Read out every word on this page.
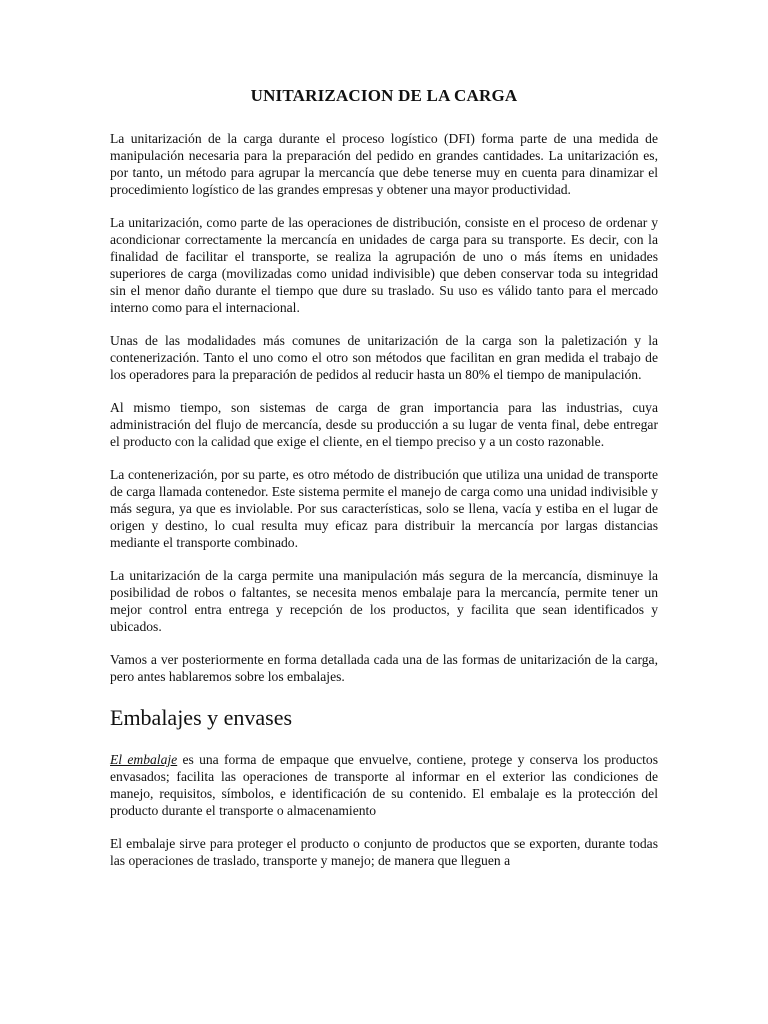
UNITARIZACION DE LA CARGA

La unitarización de la carga durante el proceso logístico (DFI) forma parte de una medida de manipulación necesaria para la preparación del pedido en grandes cantidades. La unitarización es, por tanto, un método para agrupar la mercancía que debe tenerse muy en cuenta para dinamizar el procedimiento logístico de las grandes empresas y obtener una mayor productividad.

La unitarización, como parte de las operaciones de distribución, consiste en el proceso de ordenar y acondicionar correctamente la mercancía en unidades de carga para su transporte. Es decir, con la finalidad de facilitar el transporte, se realiza la agrupación de uno o más ítems en unidades superiores de carga (movilizadas como unidad indivisible) que deben conservar toda su integridad sin el menor daño durante el tiempo que dure su traslado. Su uso es válido tanto para el mercado interno como para el internacional.

Unas de las modalidades más comunes de unitarización de la carga son la paletización y la contenerización. Tanto el uno como el otro son métodos que facilitan en gran medida el trabajo de los operadores para la preparación de pedidos al reducir hasta un 80% el tiempo de manipulación.

Al mismo tiempo, son sistemas de carga de gran importancia para las industrias, cuya administración del flujo de mercancía, desde su producción a su lugar de venta final, debe entregar el producto con la calidad que exige el cliente, en el tiempo preciso y a un costo razonable.

La contenerización, por su parte, es otro método de distribución que utiliza una unidad de transporte de carga llamada contenedor. Este sistema permite el manejo de carga como una unidad indivisible y más segura, ya que es inviolable. Por sus características, solo se llena, vacía y estiba en el lugar de origen y destino, lo cual resulta muy eficaz para distribuir la mercancía por largas distancias mediante el transporte combinado.

La unitarización de la carga permite una manipulación más segura de la mercancía, disminuye la posibilidad de robos o faltantes, se necesita menos embalaje para la mercancía, permite tener un mejor control entra entrega y recepción de los productos, y facilita que sean identificados y ubicados.

Vamos a ver posteriormente en forma detallada cada una de las formas de unitarización de la carga, pero antes hablaremos sobre los embalajes.

Embalajes y envases

El embalaje es una forma de empaque que envuelve, contiene, protege y conserva los productos envasados; facilita las operaciones de transporte al informar en el exterior las condiciones de manejo, requisitos, símbolos, e identificación de su contenido. El embalaje es la protección del producto durante el transporte o almacenamiento

El embalaje sirve para proteger el producto o conjunto de productos que se exporten, durante todas las operaciones de traslado, transporte y manejo; de manera que lleguen a
